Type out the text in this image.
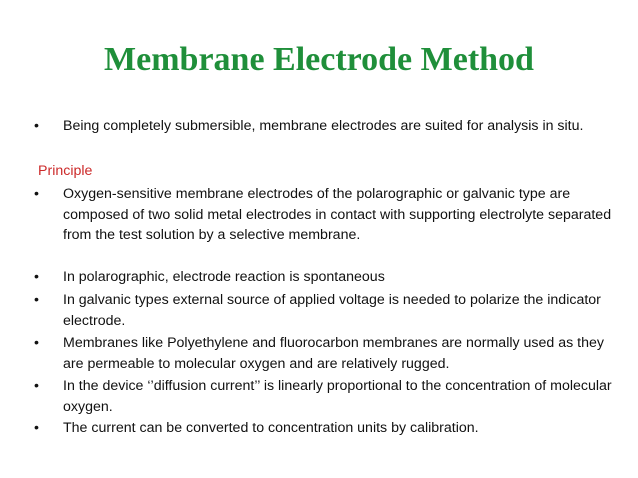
Membrane Electrode Method
•	Being completely submersible, membrane electrodes are suited for analysis in situ.
Principle
•	Oxygen-sensitive membrane electrodes of the polarographic or galvanic type are composed of two solid metal electrodes in contact with supporting electrolyte separated from the test solution by a selective membrane.
•	In polarographic, electrode reaction is spontaneous
•	In galvanic types external source of applied voltage is needed to polarize the indicator electrode.
•	Membranes like Polyethylene and fluorocarbon membranes are normally used as they are permeable to molecular oxygen and are relatively rugged.
•	In the device ‘’diffusion current’’ is linearly proportional to the concentration of molecular oxygen.
•	The current can be converted to concentration units by calibration.
